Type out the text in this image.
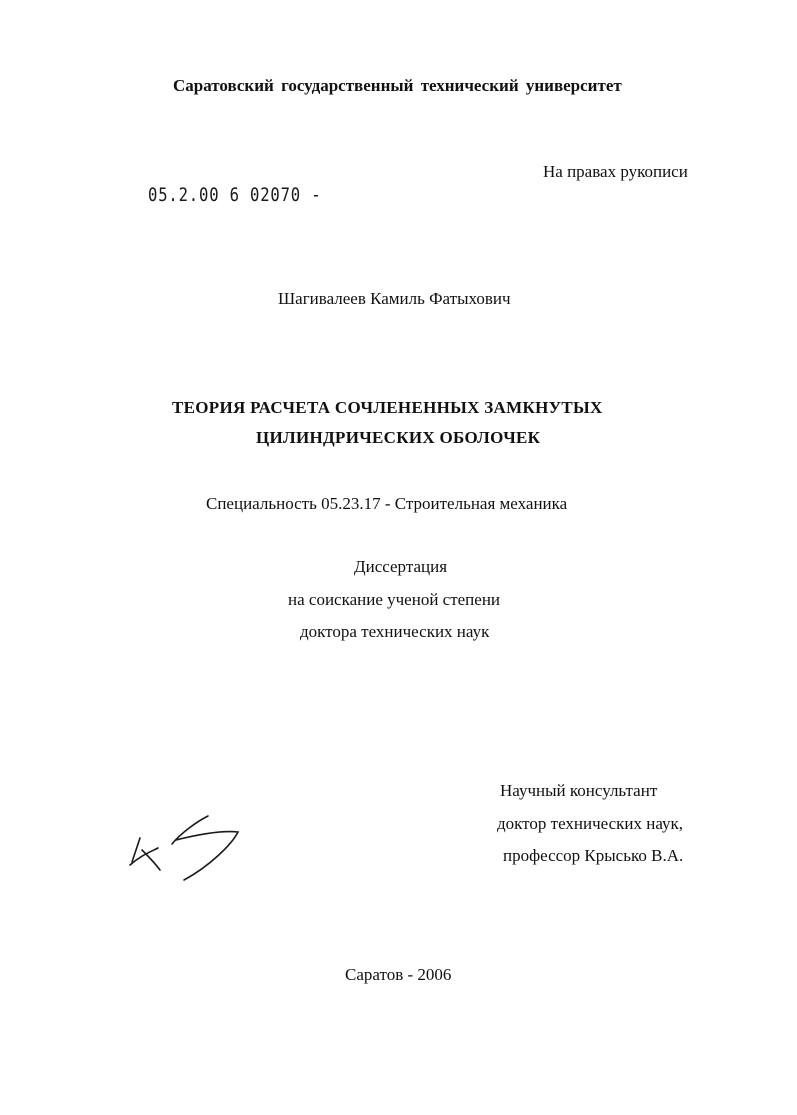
Саратовский государственный технический университет
На правах рукописи
05.2.00 6 02070 -
Шагивалеев Камиль Фатыхович
ТЕОРИЯ РАСЧЕТА СОЧЛЕНЕННЫХ ЗАМКНУТЫХ
ЦИЛИНДРИЧЕСКИХ ОБОЛОЧЕК
Специальность 05.23.17 - Строительная механика
Диссертация
на соискание ученой степени
доктора технических наук
Научный консультант
доктор технических наук,
профессор Крысько В.А.
Саратов - 2006
